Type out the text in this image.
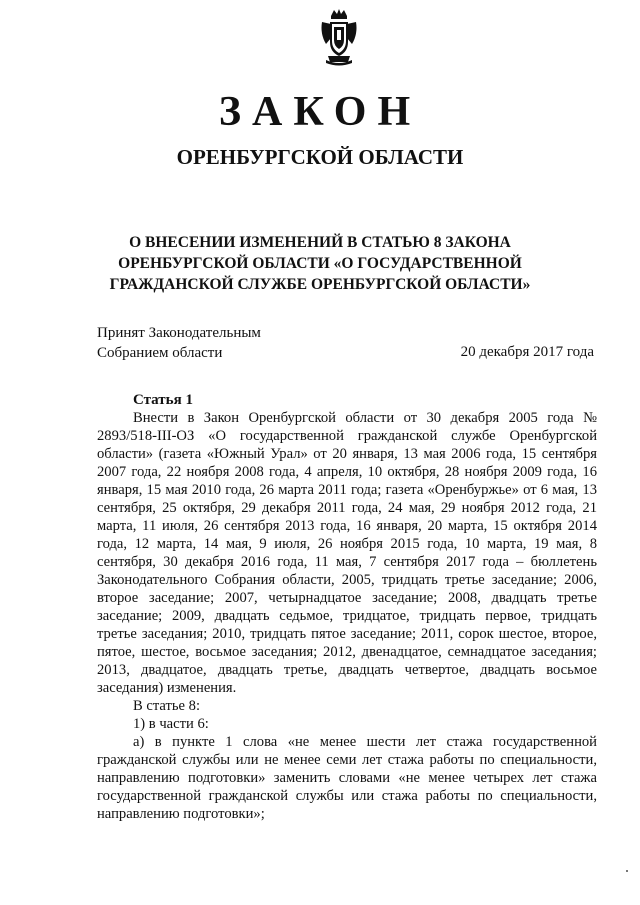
ЗАКОН
ОРЕНБУРГСКОЙ ОБЛАСТИ
О ВНЕСЕНИИ ИЗМЕНЕНИЙ В СТАТЬЮ 8 ЗАКОНА
ОРЕНБУРГСКОЙ ОБЛАСТИ «О ГОСУДАРСТВЕННОЙ
ГРАЖДАНСКОЙ СЛУЖБЕ ОРЕНБУРГСКОЙ ОБЛАСТИ»
Принят Законодательным
Собранием области	20 декабря 2017 года
Статья 1

Внести в Закон Оренбургской области от 30 декабря 2005 года № 2893/518-III-ОЗ «О государственной гражданской службе Оренбургской области» (газета «Южный Урал» от 20 января, 13 мая 2006 года, 15 сентября 2007 года, 22 ноября 2008 года, 4 апреля, 10 октября, 28 ноября 2009 года, 16 января, 15 мая 2010 года, 26 марта 2011 года; газета «Оренбуржье» от 6 мая, 13 сентября, 25 октября, 29 декабря 2011 года, 24 мая, 29 ноября 2012 года, 21 марта, 11 июля, 26 сентября 2013 года, 16 января, 20 марта, 15 октября 2014 года, 12 марта, 14 мая, 9 июля, 26 ноября 2015 года, 10 марта, 19 мая, 8 сентября, 30 декабря 2016 года, 11 мая, 7 сентября 2017 года – бюллетень Законодательного Собрания области, 2005, тридцать третье заседание; 2006, второе заседание; 2007, четырнадцатое заседание; 2008, двадцать третье заседание; 2009, двадцать седьмое, тридцатое, тридцать первое, тридцать третье заседания; 2010, тридцать пятое заседание; 2011, сорок шестое, второе, пятое, шестое, восьмое заседания; 2012, двенадцатое, семнадцатое заседания; 2013, двадцатое, двадцать третье, двадцать четвертое, двадцать восьмое заседания) изменения.

В статье 8:

1) в части 6:

а) в пункте 1 слова «не менее шести лет стажа государственной гражданской службы или не менее семи лет стажа работы по специальности, направлению подготовки» заменить словами «не менее четырех лет стажа государственной гражданской службы или стажа работы по специальности, направлению подготовки»;
